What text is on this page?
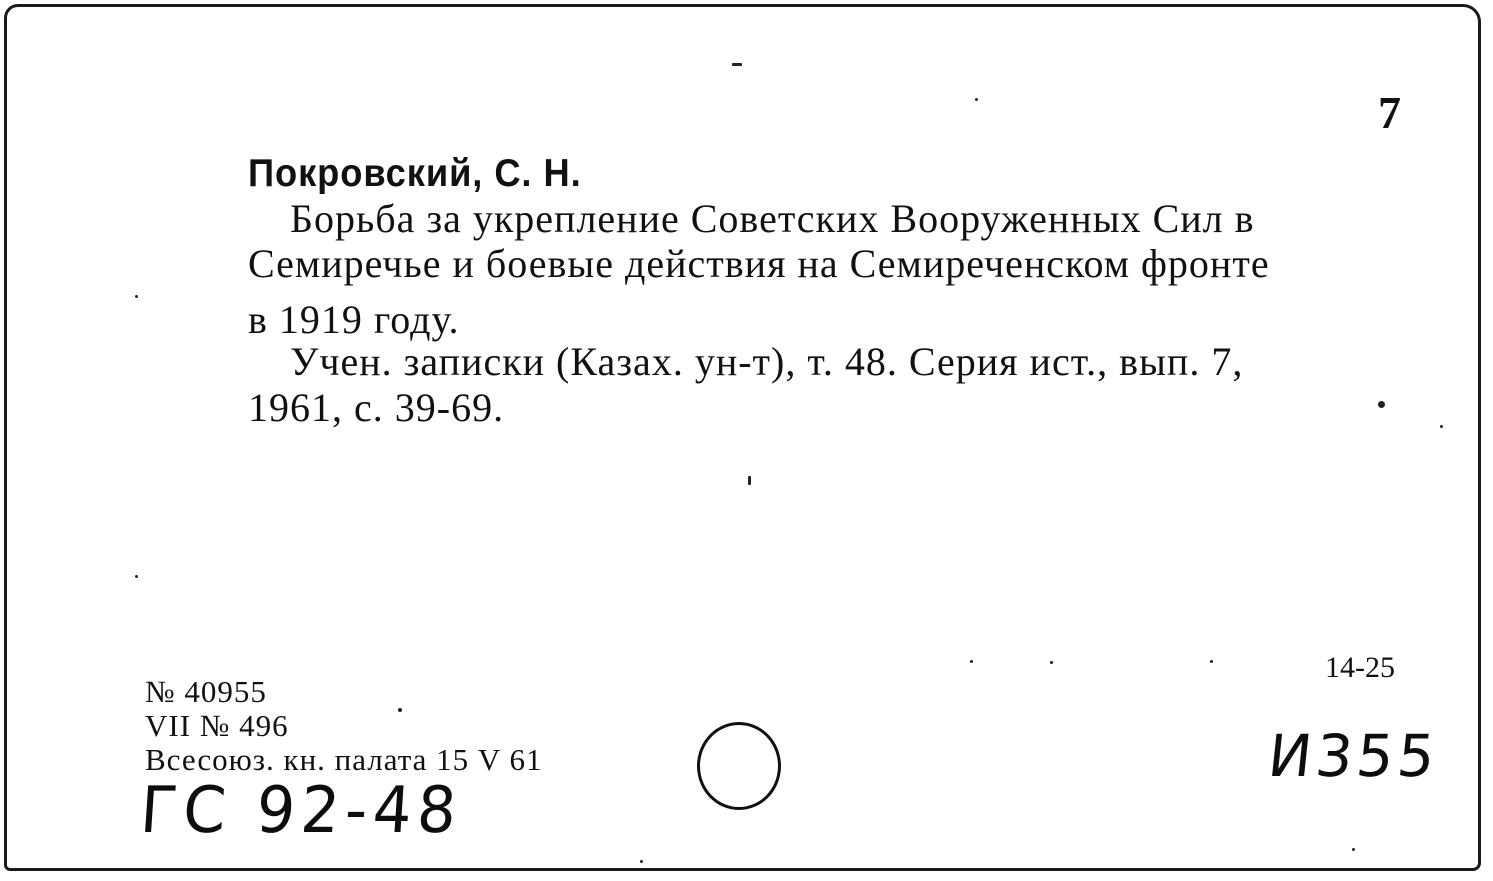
7
Покровский, С. Н.
Борьба за укрепление Советских Вооруженных Сил в
Семиречье и боевые действия на Семиреченском фронте
в 1919 году.
Учен. записки (Казах. ун-т), т. 48. Серия ист., вып. 7,
1961, с. 39-69.
14-25
№ 40955
VII № 496
Всесоюз. кн. палата 15 V 61
ГС 92-48
И355
